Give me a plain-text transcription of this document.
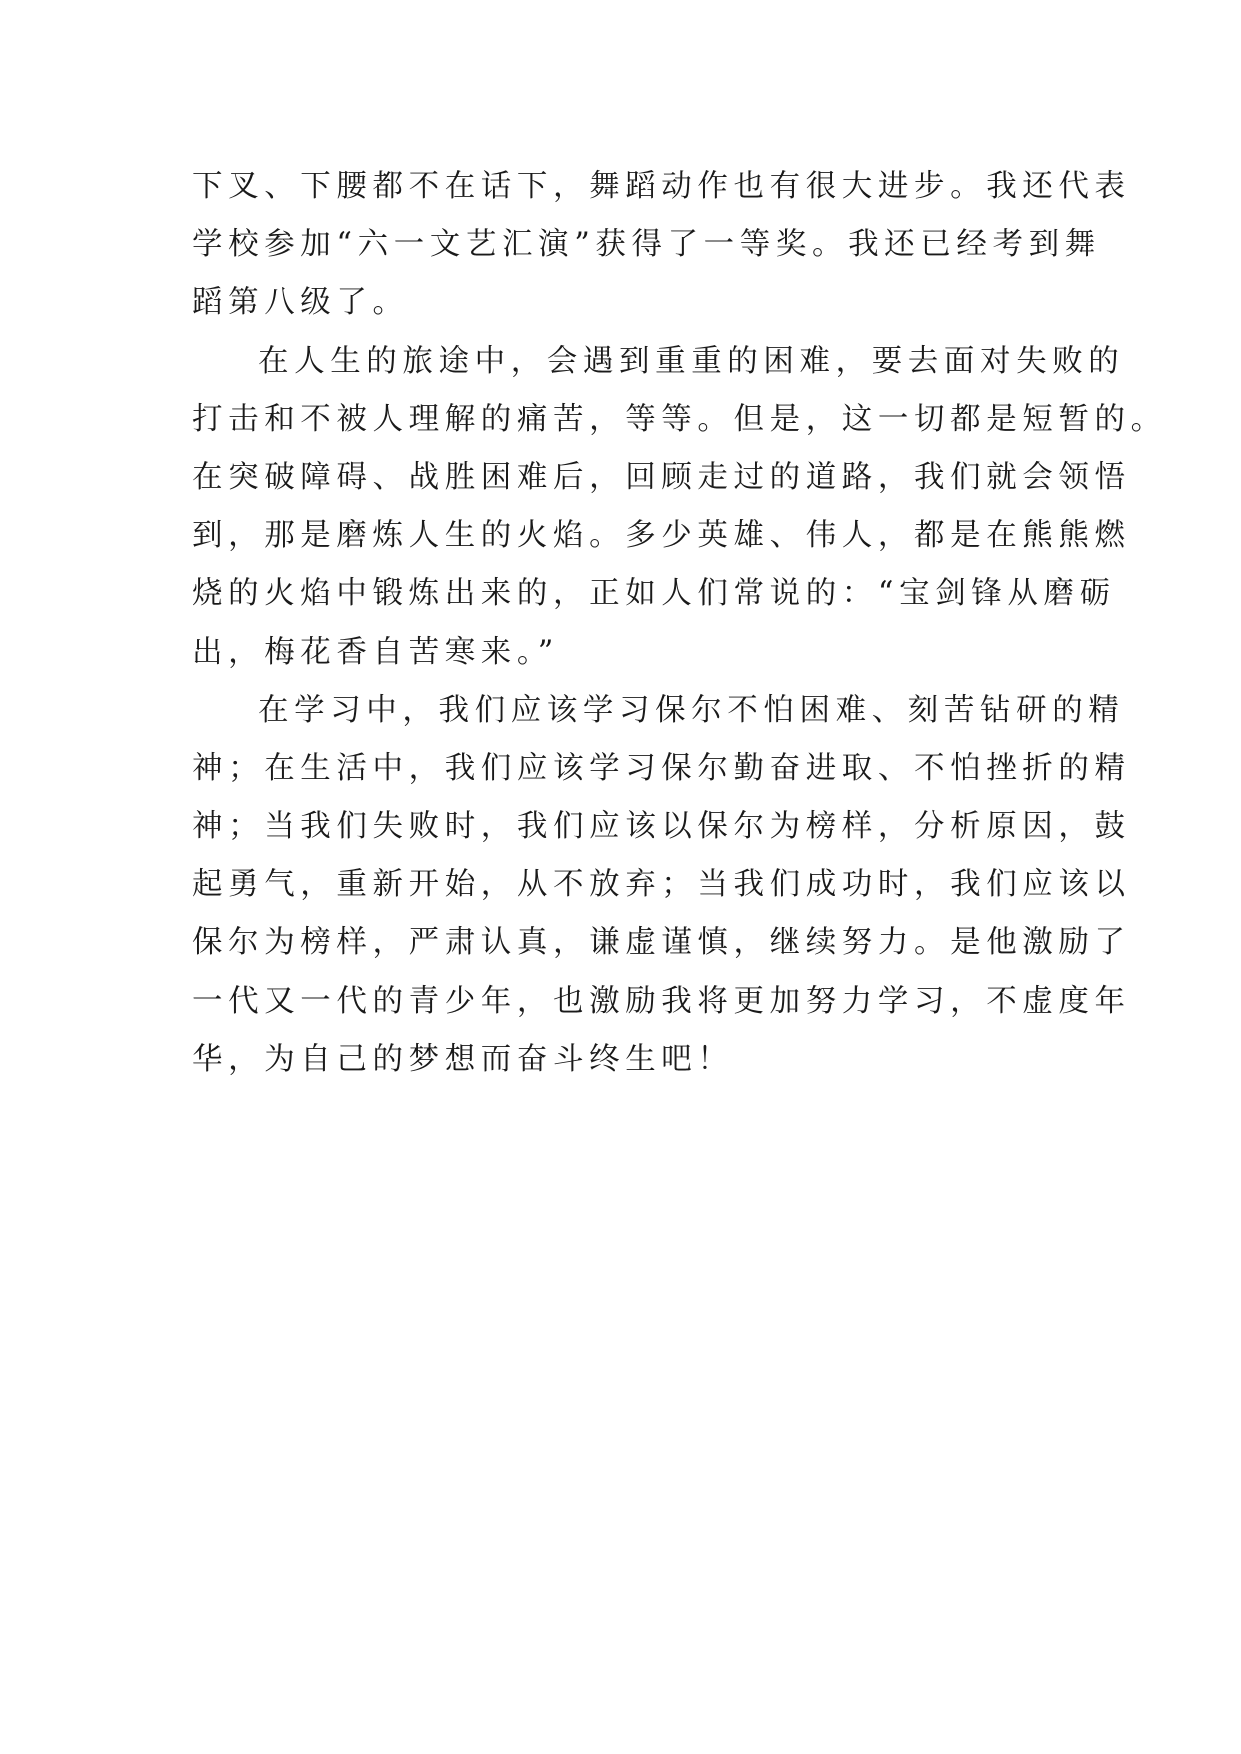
下叉、下腰都不在话下，舞蹈动作也有很大进步。我还代表
学校参加“六一文艺汇演”获得了一等奖。我还已经考到舞
蹈第八级了。
在人生的旅途中，会遇到重重的困难，要去面对失败的
打击和不被人理解的痛苦，等等。但是，这一切都是短暂的。
在突破障碍、战胜困难后，回顾走过的道路，我们就会领悟
到，那是磨炼人生的火焰。多少英雄、伟人，都是在熊熊燃
烧的火焰中锻炼出来的，正如人们常说的：“宝剑锋从磨砺
出，梅花香自苦寒来。”
在学习中，我们应该学习保尔不怕困难、刻苦钻研的精
神；在生活中，我们应该学习保尔勤奋进取、不怕挫折的精
神；当我们失败时，我们应该以保尔为榜样，分析原因，鼓
起勇气，重新开始，从不放弃；当我们成功时，我们应该以
保尔为榜样，严肃认真，谦虚谨慎，继续努力。是他激励了
一代又一代的青少年，也激励我将更加努力学习，不虚度年
华，为自己的梦想而奋斗终生吧！
